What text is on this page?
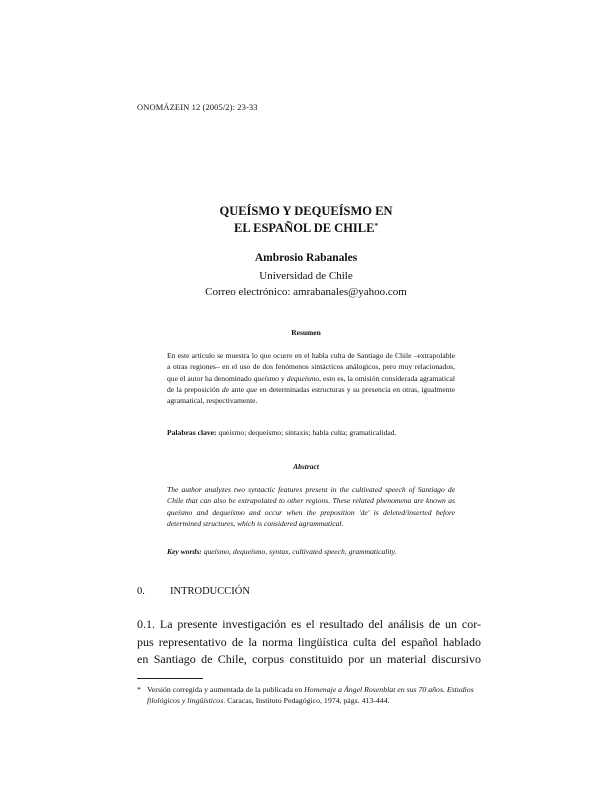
ONOMÁZEIN 12 (2005/2): 23-33
QUEÍSMO Y DEQUEÍSMO EN
EL ESPAÑOL DE CHILE*
Ambrosio Rabanales
Universidad de Chile
Correo electrónico: amrabanales@yahoo.com
Resumen
En este artículo se muestra lo que ocurre en el habla culta de Santiago de Chile –extrapolable a otras regiones– en el uso de dos fenómenos sintácticos análogicos, pero muy relacionados, que el autor ha denominado queísmo y dequeísmo, esto es, la omisión considerada agramatical de la preposición de ante que en determinadas estructuras y su presencia en otras, igualmente agramatical, respectivamente.
Palabras clave: queísmo; dequeísmo; sintaxis; habla culta; gramaticalidad.
Abstract
The author analyzes two syntactic features present in the cultivated speech of Santiago de Chile that can also be extrapolated to other regions. These related phenomena are known as queísmo and dequeísmo and occur when the preposition 'de' is deleted/inserted before determined structures, which is considered agrammatical.
Key words: queísmo, dequeísmo, syntax, cultivated speech, grammaticality.
0.	INTRODUCCIÓN
0.1. La presente investigación es el resultado del análisis de un cor-
pus representativo de la norma lingüística culta del español hablado
en Santiago de Chile, corpus constituido por un material discursivo
* Versión corregida y aumentada de la publicada en Homenaje a Ángel Rosenblat en sus 70 años. Estudios filológicos y lingüísticos. Caracas, Instituto Pedagógico, 1974, págs. 413-444.
